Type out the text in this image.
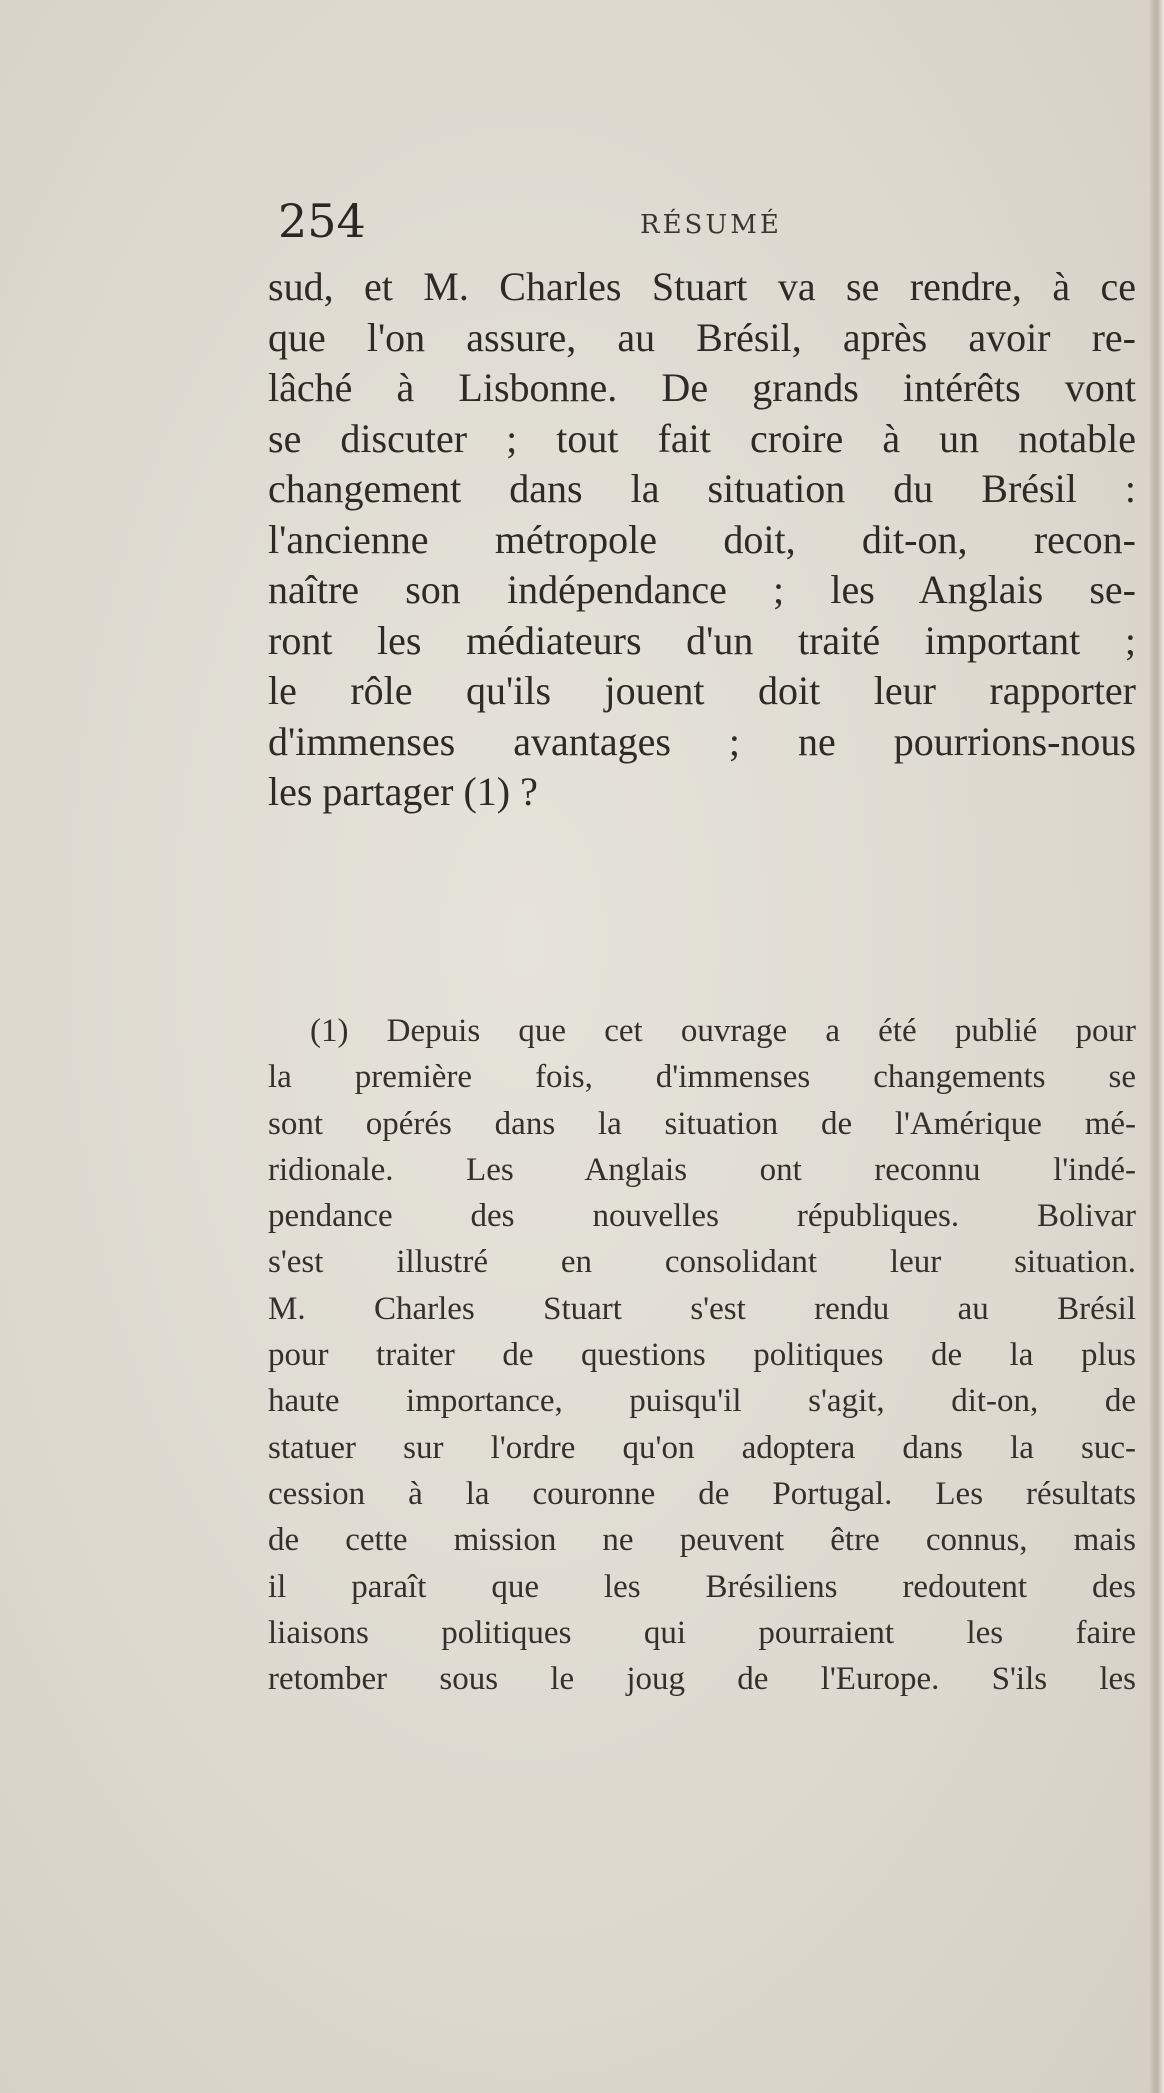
254	RÉSUMÉ
sud, et M. Charles Stuart va se rendre, à ce
que l'on assure, au Brésil, après avoir re-
lâché à Lisbonne. De grands intérêts vont
se discuter ; tout fait croire à un notable
changement dans la situation du Brésil :
l'ancienne métropole doit, dit-on, recon-
naître son indépendance ; les Anglais se-
ront les médiateurs d'un traité important ;
le rôle qu'ils jouent doit leur rapporter
d'immenses avantages ; ne pourrions-nous
les partager (1) ?
(1) Depuis que cet ouvrage a été publié pour
la première fois, d'immenses changements se
sont opérés dans la situation de l'Amérique mé-
ridionale. Les Anglais ont reconnu l'indé-
pendance des nouvelles républiques. Bolivar
s'est illustré en consolidant leur situation.
M. Charles Stuart s'est rendu au Brésil
pour traiter de questions politiques de la plus
haute importance, puisqu'il s'agit, dit-on, de
statuer sur l'ordre qu'on adoptera dans la suc-
cession à la couronne de Portugal. Les résultats
de cette mission ne peuvent être connus, mais
il paraît que les Brésiliens redoutent des
liaisons politiques qui pourraient les faire
retomber sous le joug de l'Europe. S'ils les
